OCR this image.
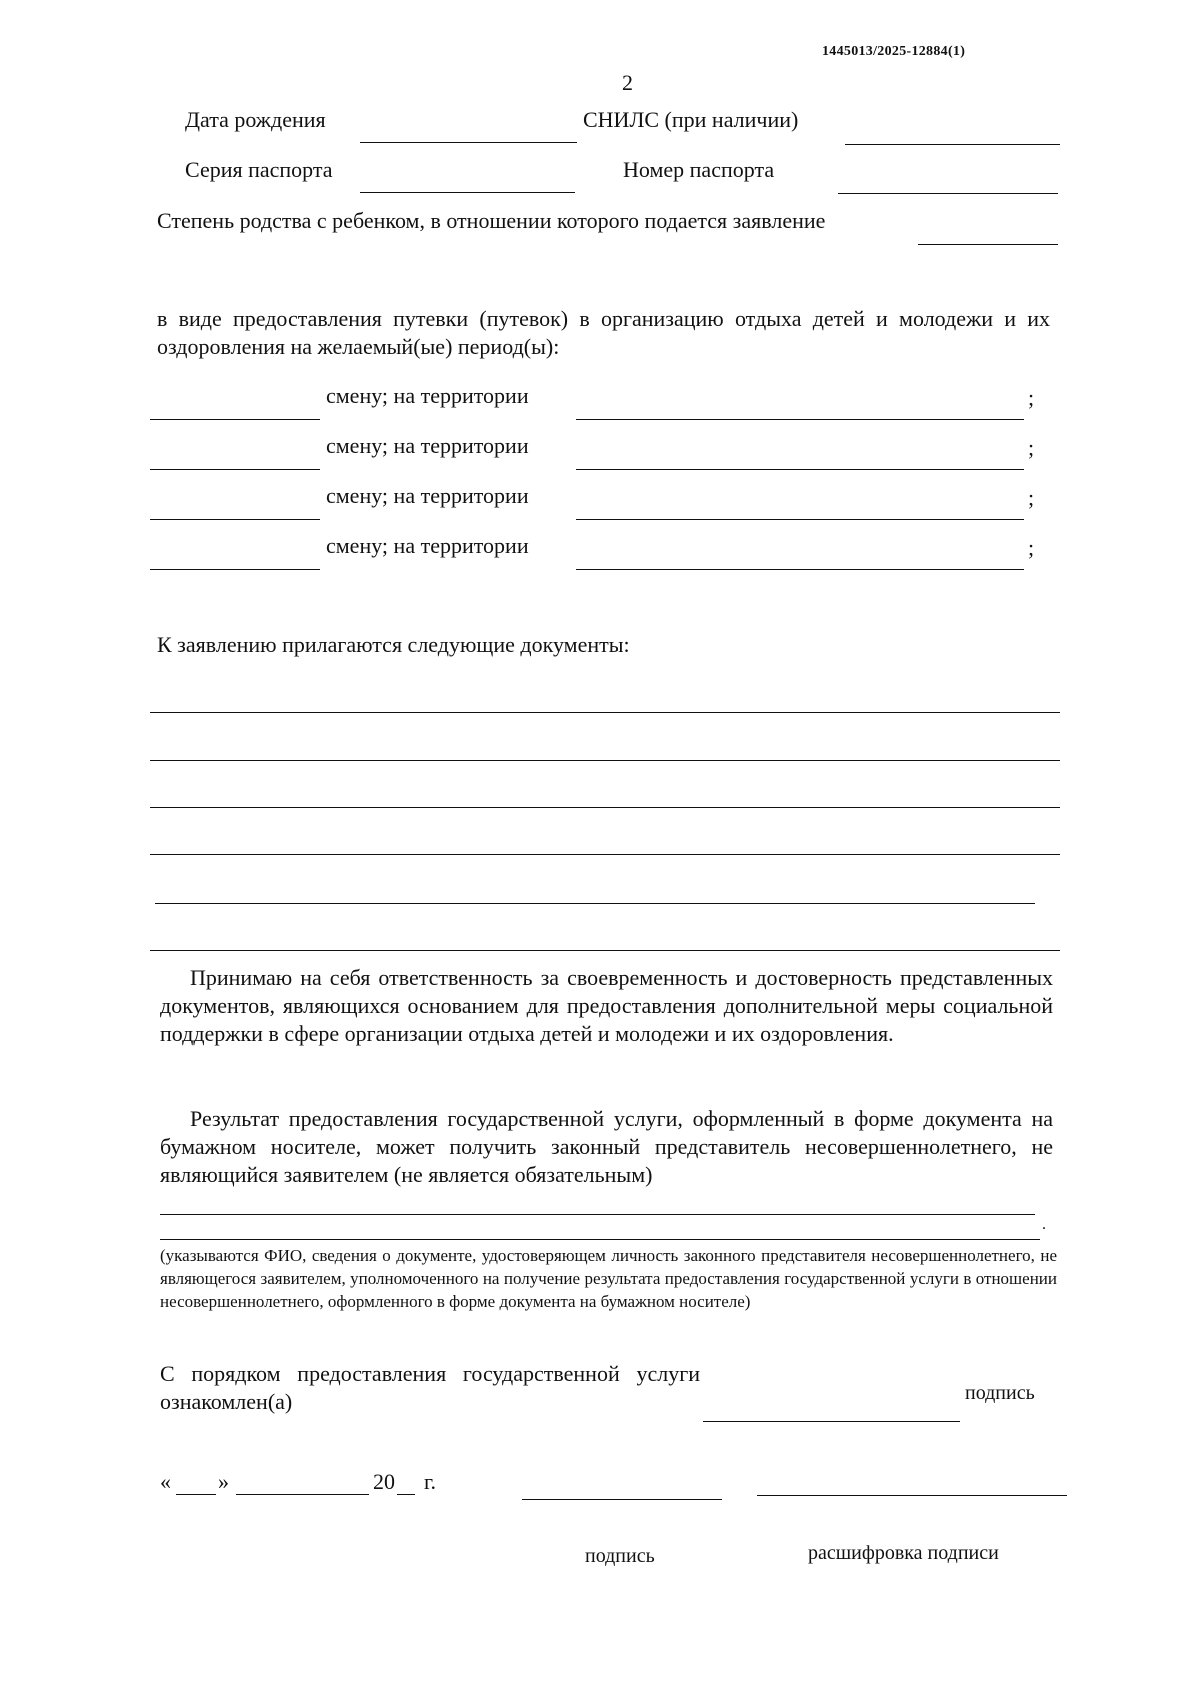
1445013/2025-12884(1)
2
Дата рождения	СНИЛС (при наличии)
Серия паспорта	Номер паспорта
Степень родства с ребенком, в отношении которого подается заявление
в виде предоставления путевки (путевок) в организацию отдыха детей и молодежи и их оздоровления на желаемый(ые) период(ы):
смену; на территории	;
смену; на территории	;
смену; на территории	;
смену; на территории	;
К заявлению прилагаются следующие документы:
Принимаю на себя ответственность за своевременность и достоверность представленных документов, являющихся основанием для предоставления дополнительной меры социальной поддержки в сфере организации отдыха детей и молодежи и их оздоровления.
Результат предоставления государственной услуги, оформленный в форме документа на бумажном носителе, может получить законный представитель несовершеннолетнего, не являющийся заявителем (не является обязательным)
.
(указываются ФИО, сведения о документе, удостоверяющем личность законного представителя несовершеннолетнего, не являющегося заявителем, уполномоченного на получение результата предоставления государственной услуги в отношении несовершеннолетнего, оформленного в форме документа на бумажном носителе)
С порядком предоставления государственной услуги ознакомлен(а)	подпись
« »	20 г.
подпись	расшифровка подписи
